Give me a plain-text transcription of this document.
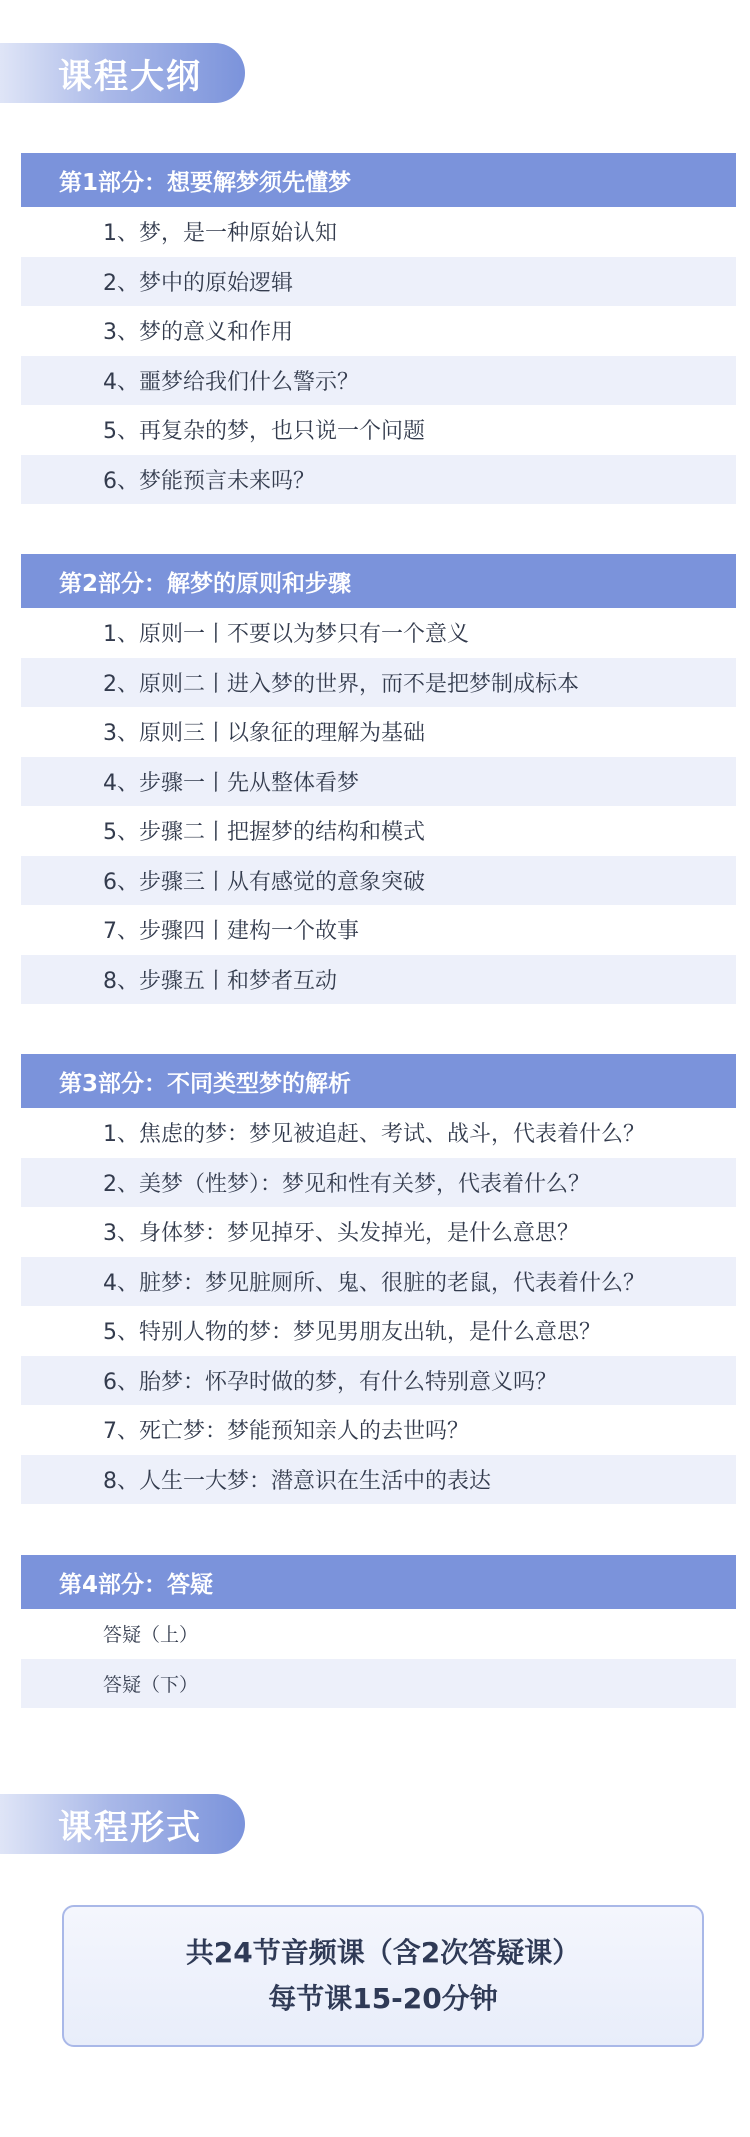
课程大纲
第1部分：想要解梦须先懂梦
1、梦，是一种原始认知
2、梦中的原始逻辑
3、梦的意义和作用
4、噩梦给我们什么警示？
5、再复杂的梦，也只说一个问题
6、梦能预言未来吗？
第2部分：解梦的原则和步骤
1、原则一丨不要以为梦只有一个意义
2、原则二丨进入梦的世界，而不是把梦制成标本
3、原则三丨以象征的理解为基础
4、步骤一丨先从整体看梦
5、步骤二丨把握梦的结构和模式
6、步骤三丨从有感觉的意象突破
7、步骤四丨建构一个故事
8、步骤五丨和梦者互动
第3部分：不同类型梦的解析
1、焦虑的梦：梦见被追赶、考试、战斗，代表着什么？
2、美梦（性梦）：梦见和性有关梦，代表着什么？
3、身体梦：梦见掉牙、头发掉光，是什么意思？
4、脏梦：梦见脏厕所、鬼、很脏的老鼠，代表着什么？
5、特别人物的梦：梦见男朋友出轨，是什么意思？
6、胎梦：怀孕时做的梦，有什么特别意义吗？
7、死亡梦：梦能预知亲人的去世吗？
8、人生一大梦：潜意识在生活中的表达
第4部分：答疑
答疑（上）
答疑（下）
课程形式
共24节音频课（含2次答疑课）
每节课15-20分钟
